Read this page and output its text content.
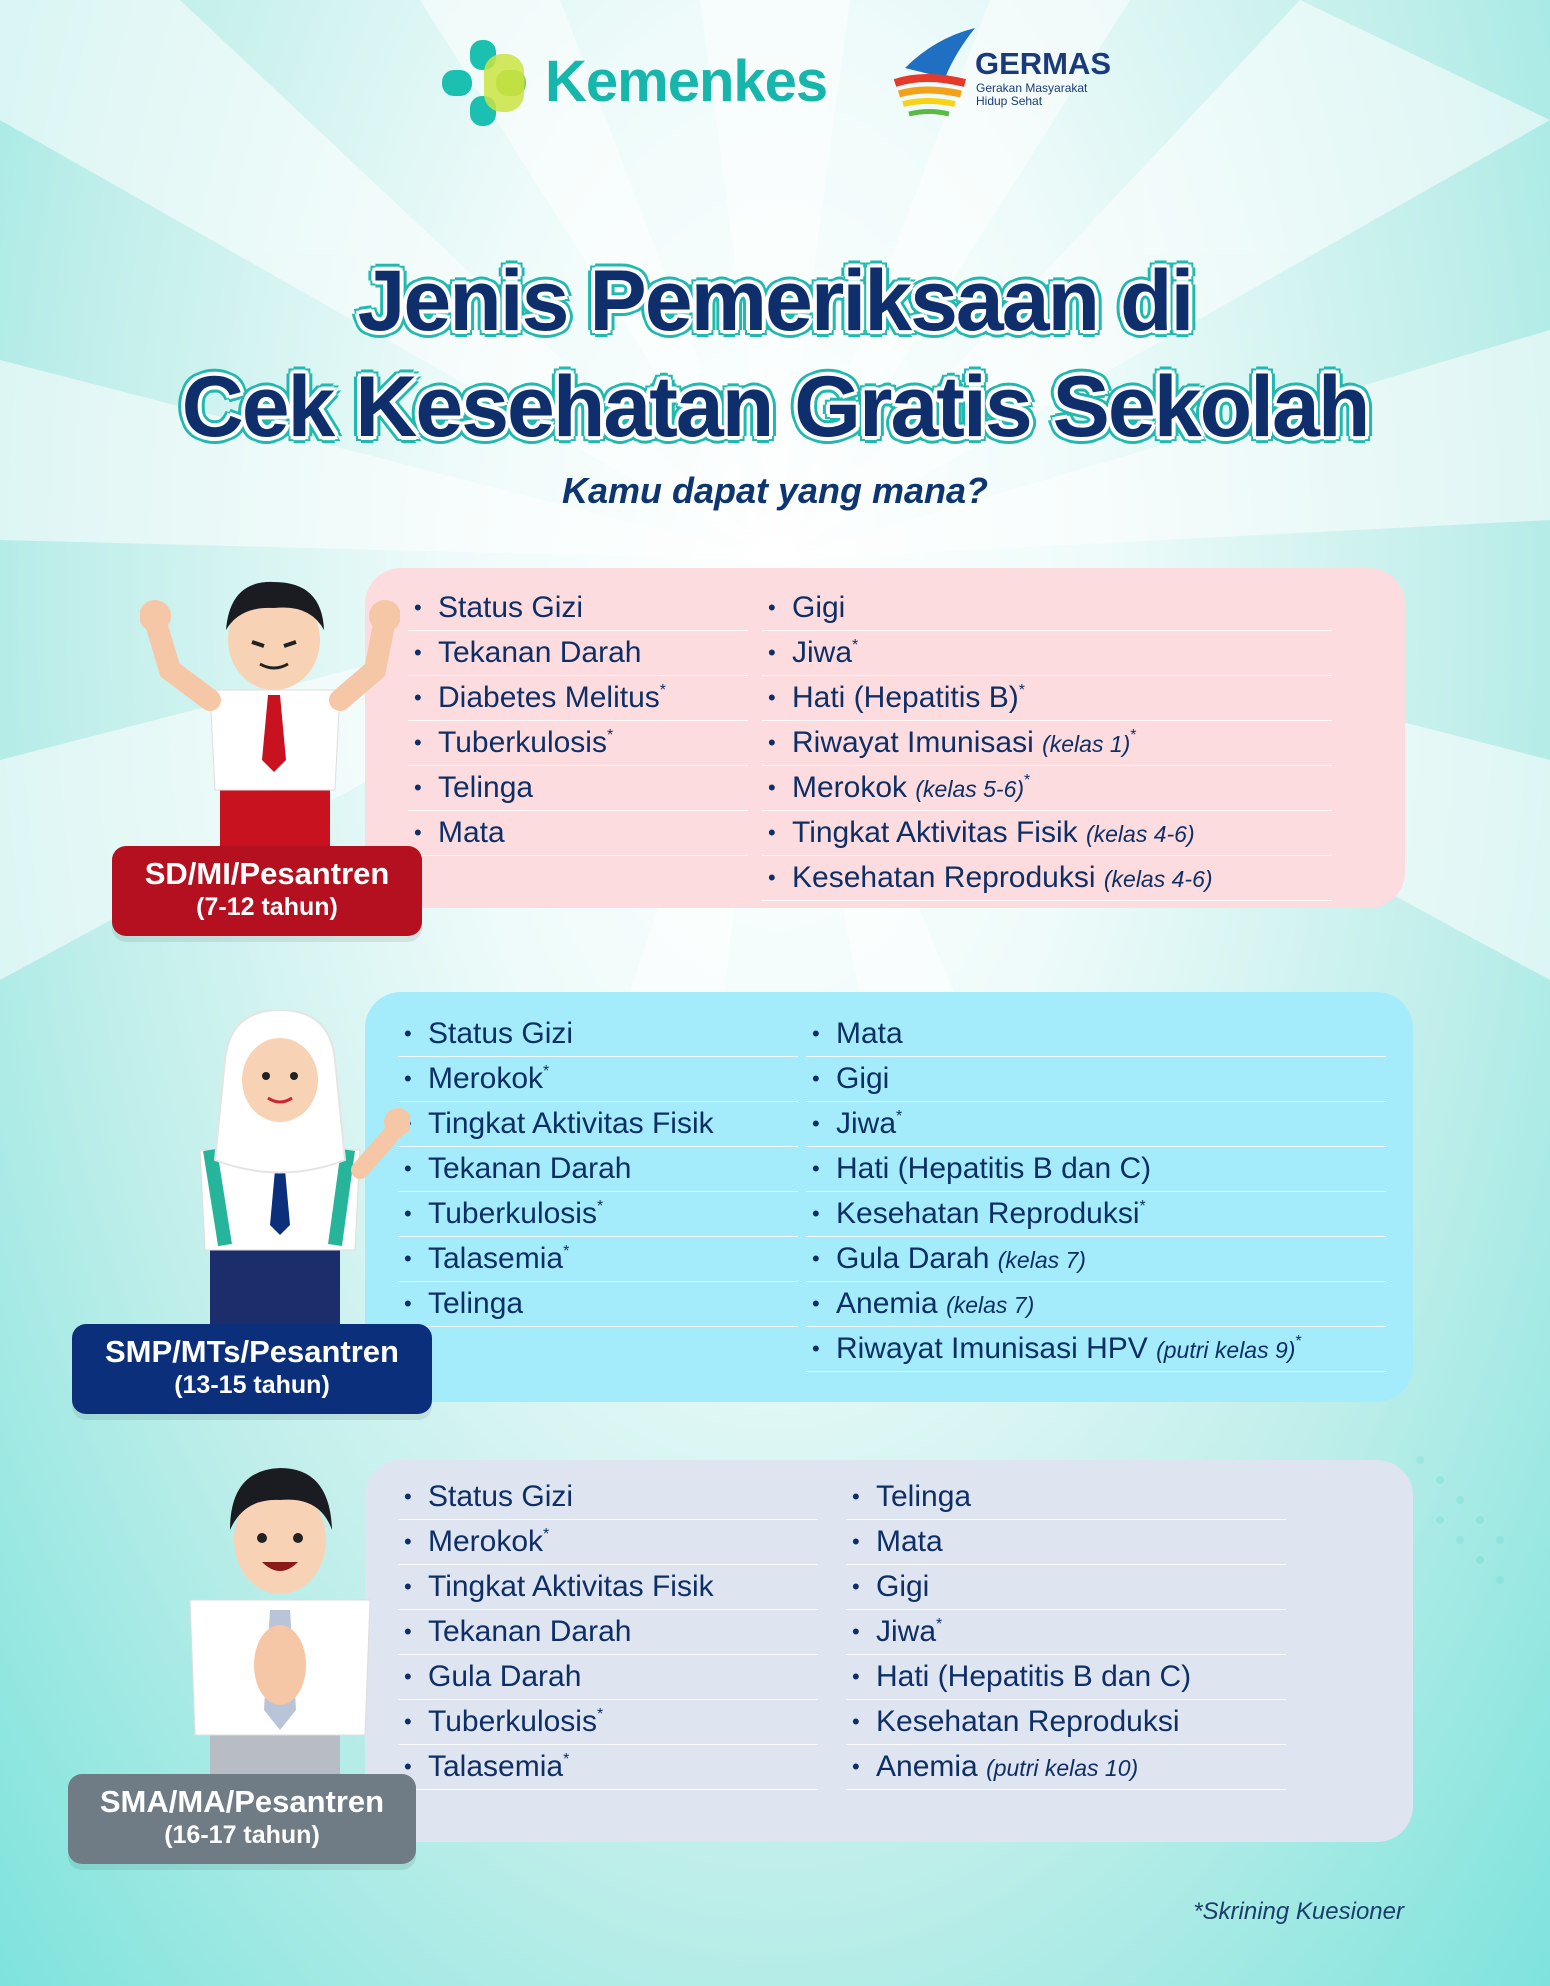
Kemenkes	GERMAS
Gerakan Masyarakat Hidup Sehat
Jenis Pemeriksaan di
Cek Kesehatan Gratis Sekolah
Kamu dapat yang mana?
• Status Gizi
• Tekanan Darah
• Diabetes Melitus*
• Tuberkulosis*
• Telinga
• Mata
• Gigi
• Jiwa*
• Hati (Hepatitis B)*
• Riwayat Imunisasi (kelas 1)*
• Merokok (kelas 5-6)*
• Tingkat Aktivitas Fisik (kelas 4-6)
• Kesehatan Reproduksi (kelas 4-6)
• Status Gizi
• Merokok*
• Tingkat Aktivitas Fisik
• Tekanan Darah
• Tuberkulosis*
• Talasemia*
• Telinga
• Mata
• Gigi
• Jiwa*
• Hati (Hepatitis B dan C)
• Kesehatan Reproduksi*
• Gula Darah (kelas 7)
• Anemia (kelas 7)
• Riwayat Imunisasi HPV (putri kelas 9)*
• Status Gizi
• Merokok*
• Tingkat Aktivitas Fisik
• Tekanan Darah
• Gula Darah
• Tuberkulosis*
• Talasemia*
• Telinga
• Mata
• Gigi
• Jiwa*
• Hati (Hepatitis B dan C)
• Kesehatan Reproduksi
• Anemia (putri kelas 10)
SD/MI/Pesantren
(7-12 tahun)
SMP/MTs/Pesantren
(13-15 tahun)
SMA/MA/Pesantren
(16-17 tahun)
*Skrining Kuesioner
